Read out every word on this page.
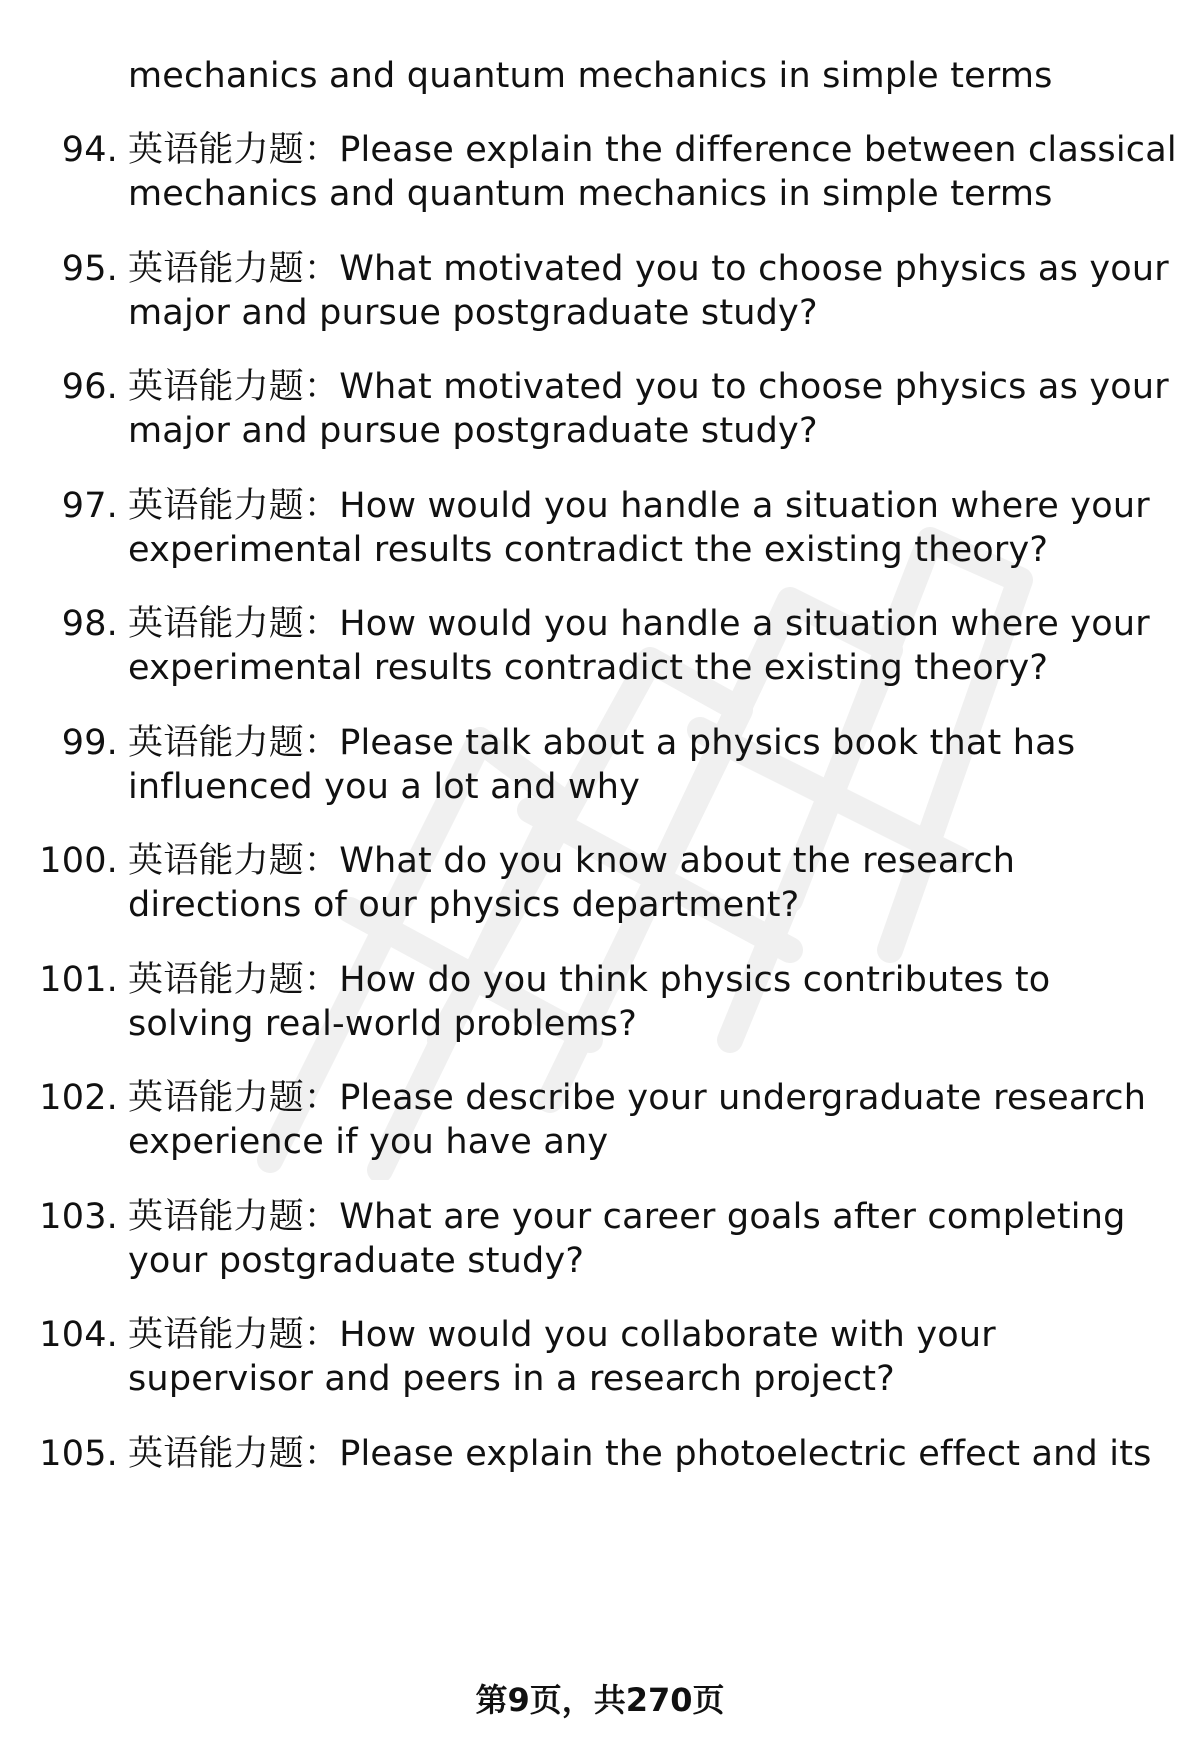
mechanics and quantum mechanics in simple terms
94. 英语能力题：Please explain the difference between classical
mechanics and quantum mechanics in simple terms
95. 英语能力题：What motivated you to choose physics as your
major and pursue postgraduate study?
96. 英语能力题：What motivated you to choose physics as your
major and pursue postgraduate study?
97. 英语能力题：How would you handle a situation where your
experimental results contradict the existing theory?
98. 英语能力题：How would you handle a situation where your
experimental results contradict the existing theory?
99. 英语能力题：Please talk about a physics book that has
influenced you a lot and why
100. 英语能力题：What do you know about the research
directions of our physics department?
101. 英语能力题：How do you think physics contributes to
solving real-world problems?
102. 英语能力题：Please describe your undergraduate research
experience if you have any
103. 英语能力题：What are your career goals after completing
your postgraduate study?
104. 英语能力题：How would you collaborate with your
supervisor and peers in a research project?
105. 英语能力题：Please explain the photoelectric effect and its
第9页，共270页
